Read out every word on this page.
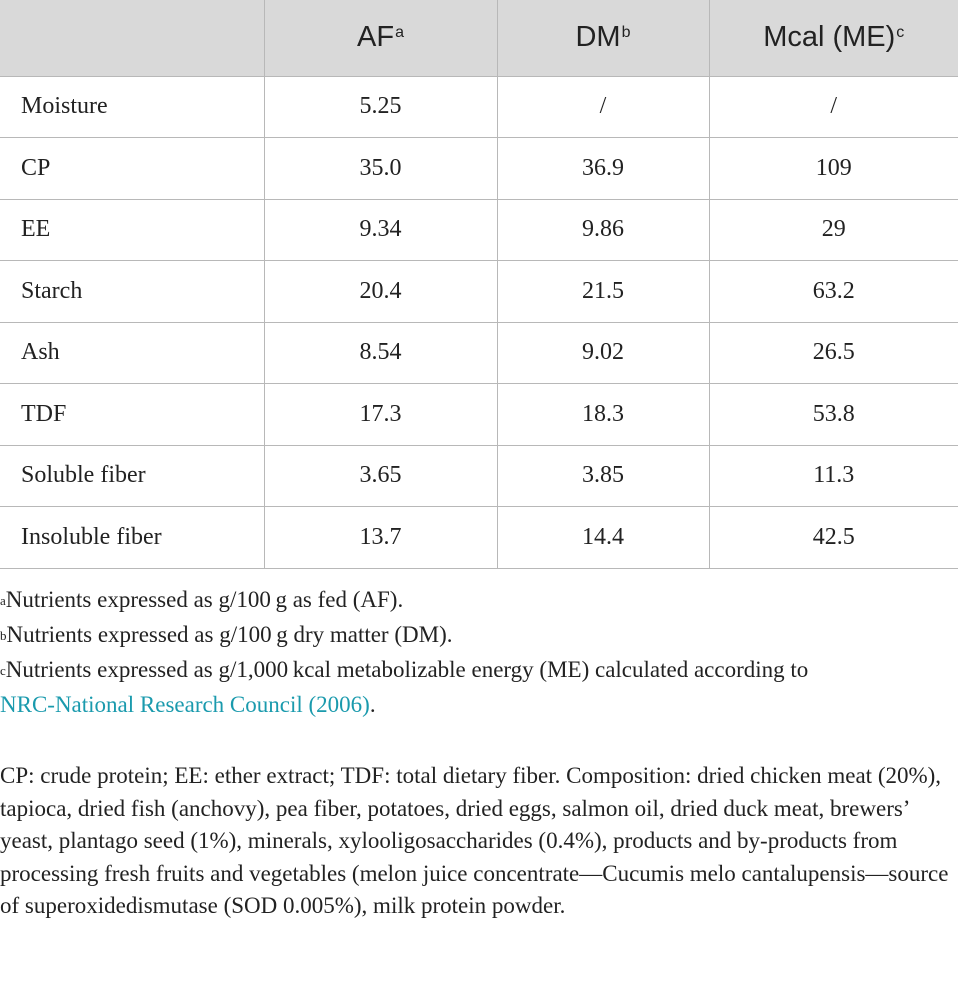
	$AF^a$	$DM^b$	Mcal (ME)$^c$
Moisture	5.25	/	/
CP	35.0	36.9	109
EE	9.34	9.86	29
Starch	20.4	21.5	63.2
Ash	8.54	9.02	26.5
TDF	17.3	18.3	53.8
Soluble fiber	3.65	3.85	11.3
Insoluble fiber	13.7	14.4	42.5
$^a$Nutrients expressed as g/100 g as fed (AF).
$^b$Nutrients expressed as g/100 g dry matter (DM).
$^c$Nutrients expressed as g/1,000 kcal metabolizable energy (ME) calculated according to
NRC-National Research Council (2006).

CP: crude protein; EE: ether extract; TDF: total dietary fiber. Composition: dried chicken meat (20%), tapioca, dried fish (anchovy), pea fiber, potatoes, dried eggs, salmon oil, dried duck meat, brewers’ yeast, plantago seed (1%), minerals, xylooligosaccharides (0.4%), products and by-products from processing fresh fruits and vegetables (melon juice concentrate—Cucumis melo cantalupensis—source of superoxidedismutase (SOD 0.005%), milk protein powder.
